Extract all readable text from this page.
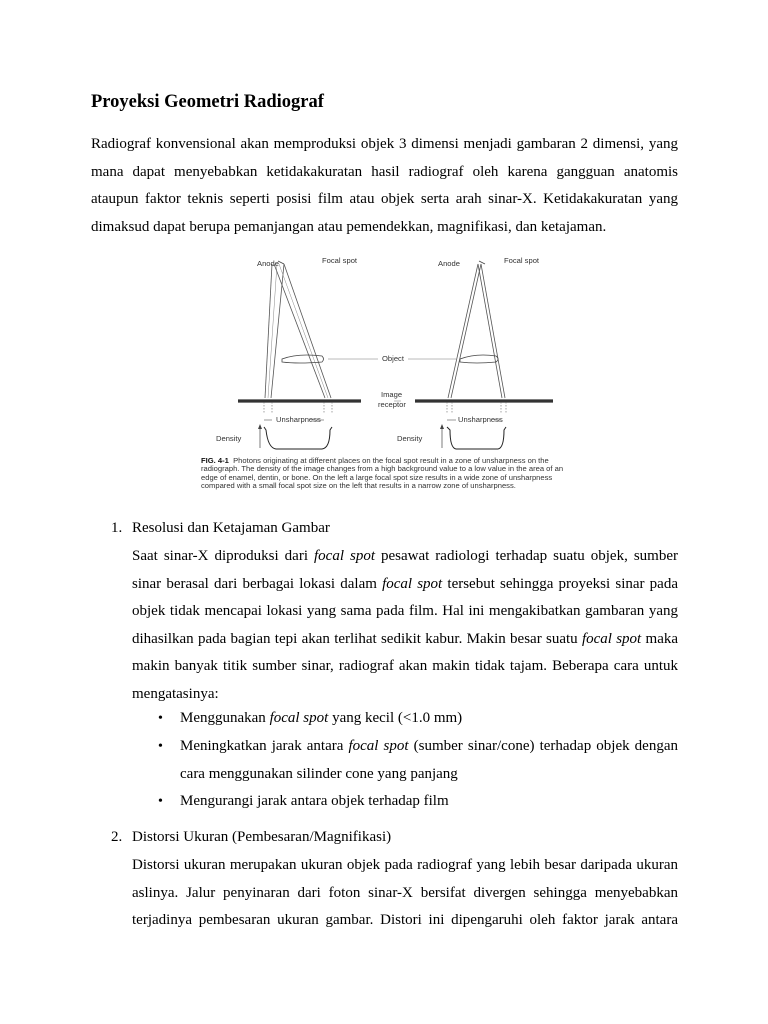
Proyeksi Geometri Radiograf

Radiograf konvensional akan memproduksi objek 3 dimensi menjadi gambaran 2 dimensi, yang mana dapat menyebabkan ketidakakuratan hasil radiograf oleh karena gangguan anatomis ataupun faktor teknis seperti posisi film atau objek serta arah sinar-X. Ketidakakuratan yang dimaksud dapat berupa pemanjangan atau pemendekkan, magnifikasi, dan ketajaman.

Anode	Focal spot	Anode	Focal spot
Object
Image
receptor
Unsharpness	Unsharpness
Density	Density

FIG. 4-1 Photons originating at different places on the focal spot result in a zone of unsharpness on the radiograph. The density of the image changes from a high background value to a low value in the area of an edge of enamel, dentin, or bone. On the left a large focal spot size results in a wide zone of unsharpness compared with a small focal spot size on the left that results in a narrow zone of unsharpness.

1. Resolusi dan Ketajaman Gambar

Saat sinar-X diproduksi dari focal spot pesawat radiologi terhadap suatu objek, sumber sinar berasal dari berbagai lokasi dalam focal spot tersebut sehingga proyeksi sinar pada objek tidak mencapai lokasi yang sama pada film. Hal ini mengakibatkan gambaran yang dihasilkan pada bagian tepi akan terlihat sedikit kabur. Makin besar suatu focal spot maka makin banyak titik sumber sinar, radiograf akan makin tidak tajam. Beberapa cara untuk mengatasinya:

• Menggunakan focal spot yang kecil (<1.0 mm)

• Meningkatkan jarak antara focal spot (sumber sinar/cone) terhadap objek dengan cara menggunakan silinder cone yang panjang

• Mengurangi jarak antara objek terhadap film

2. Distorsi Ukuran (Pembesaran/Magnifikasi)

Distorsi ukuran merupakan ukuran objek pada radiograf yang lebih besar daripada ukuran aslinya. Jalur penyinaran dari foton sinar-X bersifat divergen sehingga menyebabkan terjadinya pembesaran ukuran gambar. Distori ini dipengaruhi oleh faktor jarak antara
